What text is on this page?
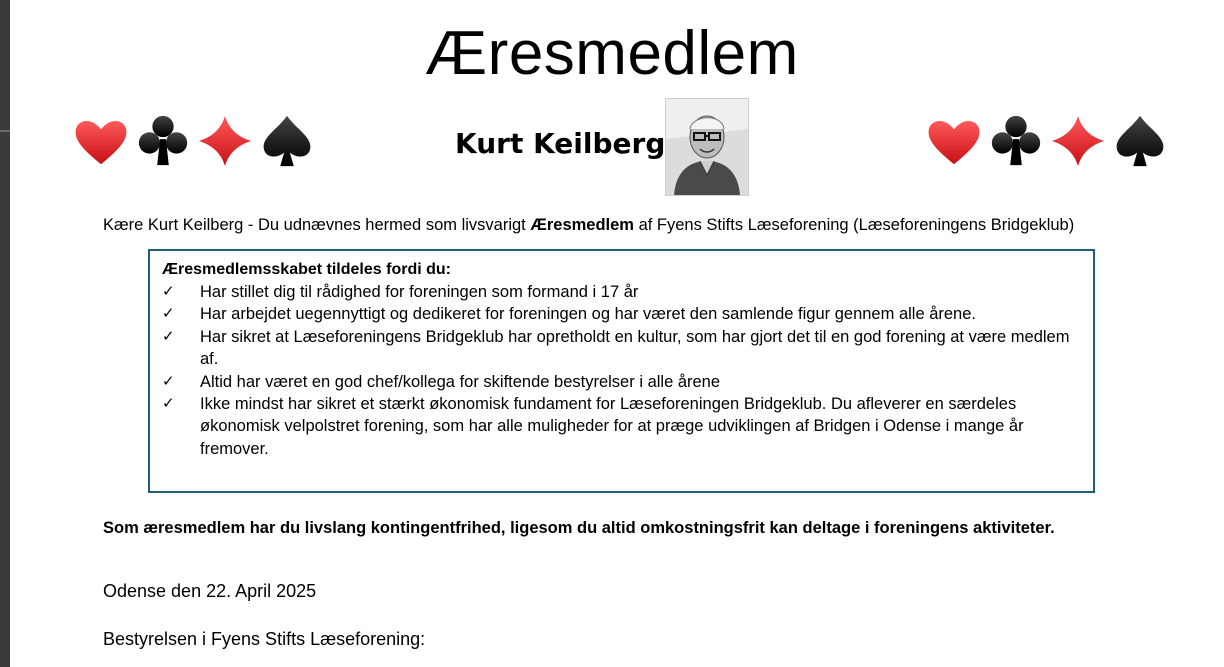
Æresmedlem
Kurt Keilberg
Kære Kurt Keilberg - Du udnævnes hermed som livsvarigt Æresmedlem af Fyens Stifts Læseforening (Læseforeningens Bridgeklub)
Æresmedlemsskabet tildeles fordi du:
✓ Har stillet dig til rådighed for foreningen som formand i 17 år
✓ Har arbejdet uegennyttigt og dedikeret for foreningen og har været den samlende figur gennem alle årene.
✓ Har sikret at Læseforeningens Bridgeklub har opretholdt en kultur, som har gjort det til en god forening at være medlem af.
✓ Altid har været en god chef/kollega for skiftende bestyrelser i alle årene
✓ Ikke mindst har sikret et stærkt økonomisk fundament for Læseforeningen Bridgeklub. Du afleverer en særdeles økonomisk velpolstret forening, som har alle muligheder for at præge udviklingen af Bridgen i Odense i mange år fremover.
Som æresmedlem har du livslang kontingentfrihed, ligesom du altid omkostningsfrit kan deltage i foreningens aktiviteter.
Odense den 22. April 2025
Bestyrelsen i Fyens Stifts Læseforening:
